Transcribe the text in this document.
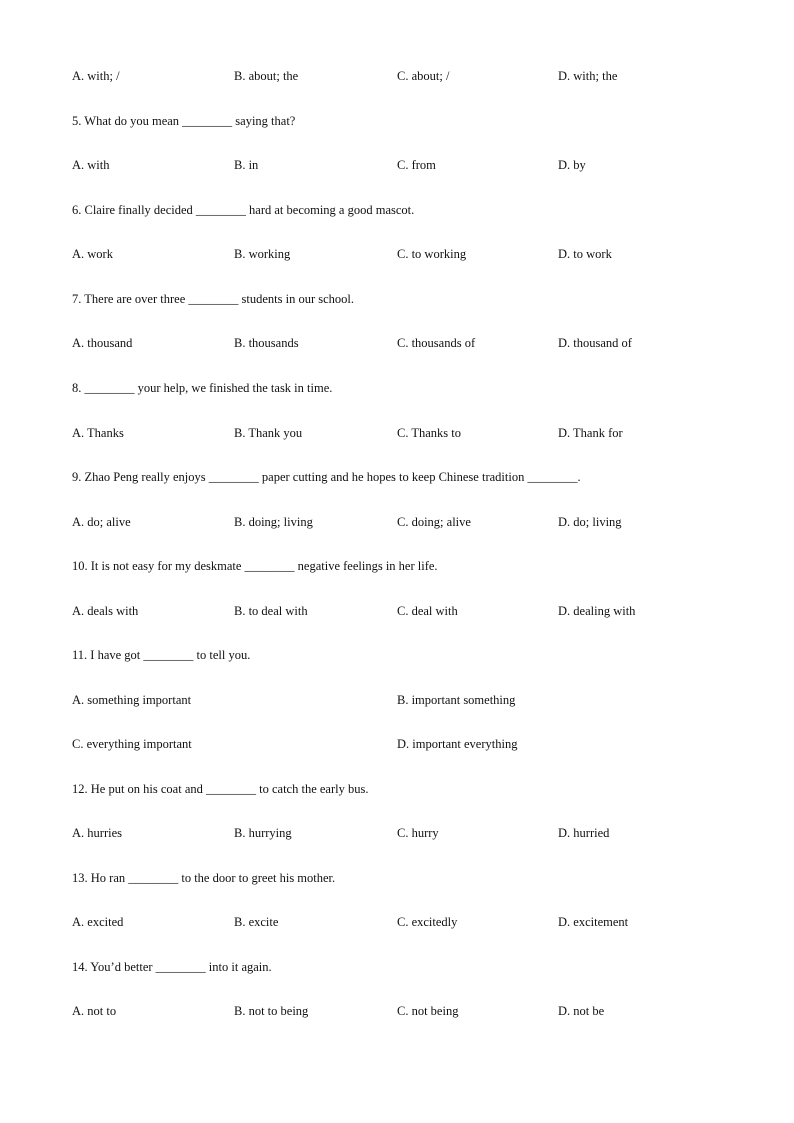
A. with; /	B. about; the	C. about; /	D. with; the
5. What do you mean ________ saying that?
A. with	B. in	C. from	D. by
6. Claire finally decided ________ hard at becoming a good mascot.
A. work	B. working	C. to working	D. to work
7. There are over three ________ students in our school.
A. thousand	B. thousands	C. thousands of	D. thousand of
8. ________ your help, we finished the task in time.
A. Thanks	B. Thank you	C. Thanks to	D. Thank for
9. Zhao Peng really enjoys ________ paper cutting and he hopes to keep Chinese tradition ________.
A. do; alive	B. doing; living	C. doing; alive	D. do; living
10. It is not easy for my deskmate ________ negative feelings in her life.
A. deals with	B. to deal with	C. deal with	D. dealing with
11. I have got ________ to tell you.
A. something important	B. important something
C. everything important	D. important everything
12. He put on his coat and ________ to catch the early bus.
A. hurries	B. hurrying	C. hurry	D. hurried
13. Ho ran ________ to the door to greet his mother.
A. excited	B. excite	C. excitedly	D. excitement
14. You’d better ________ into it again.
A. not to	B. not to being	C. not being	D. not be
